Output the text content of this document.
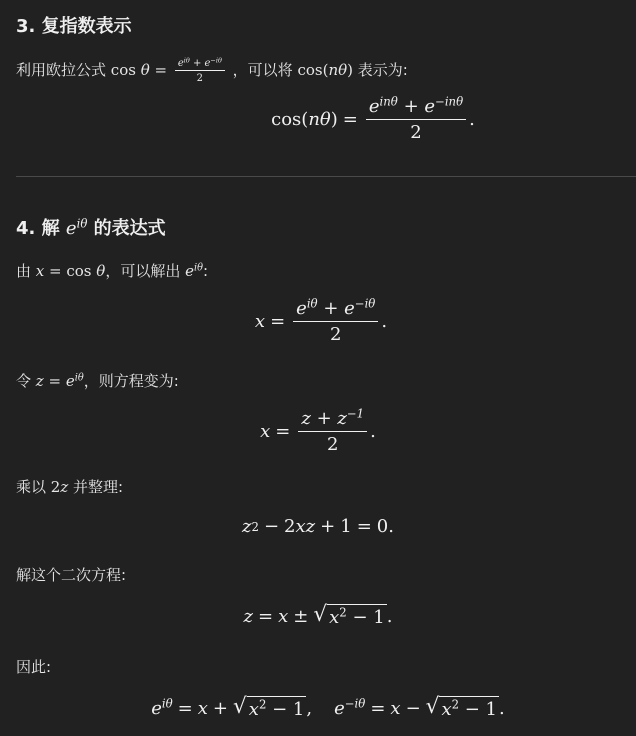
3. 复指数表示
利用欧拉公式 $\cos \theta = \frac{e^{i\theta} + e^{-i\theta}}{2}$ ，可以将 cos(nθ) 表示为:
$\cos(n\theta) = \frac{e^{in\theta} + e^{-in\theta}}{2}$ .
4. 解 $e^{i\theta}$ 的表达式
由 x = cos θ，可以解出 $e^{i\theta}$:
$x = \frac{e^{i\theta} + e^{-i\theta}}{2}$ .
令 $z = e^{i\theta}$，则方程变为:
$x = \frac{z + z^{-1}}{2}$ .
乘以 2z 并整理:
z 2 − 2 xz + 1 = 0.
解这个二次方程:
z = x ± √ $x^2 - 1$ .
因此:
$e^{i\theta} = x$ + √ $x^2 - 1$ , $e^{-i\theta} = x$ − √ $x^2 - 1$ .
